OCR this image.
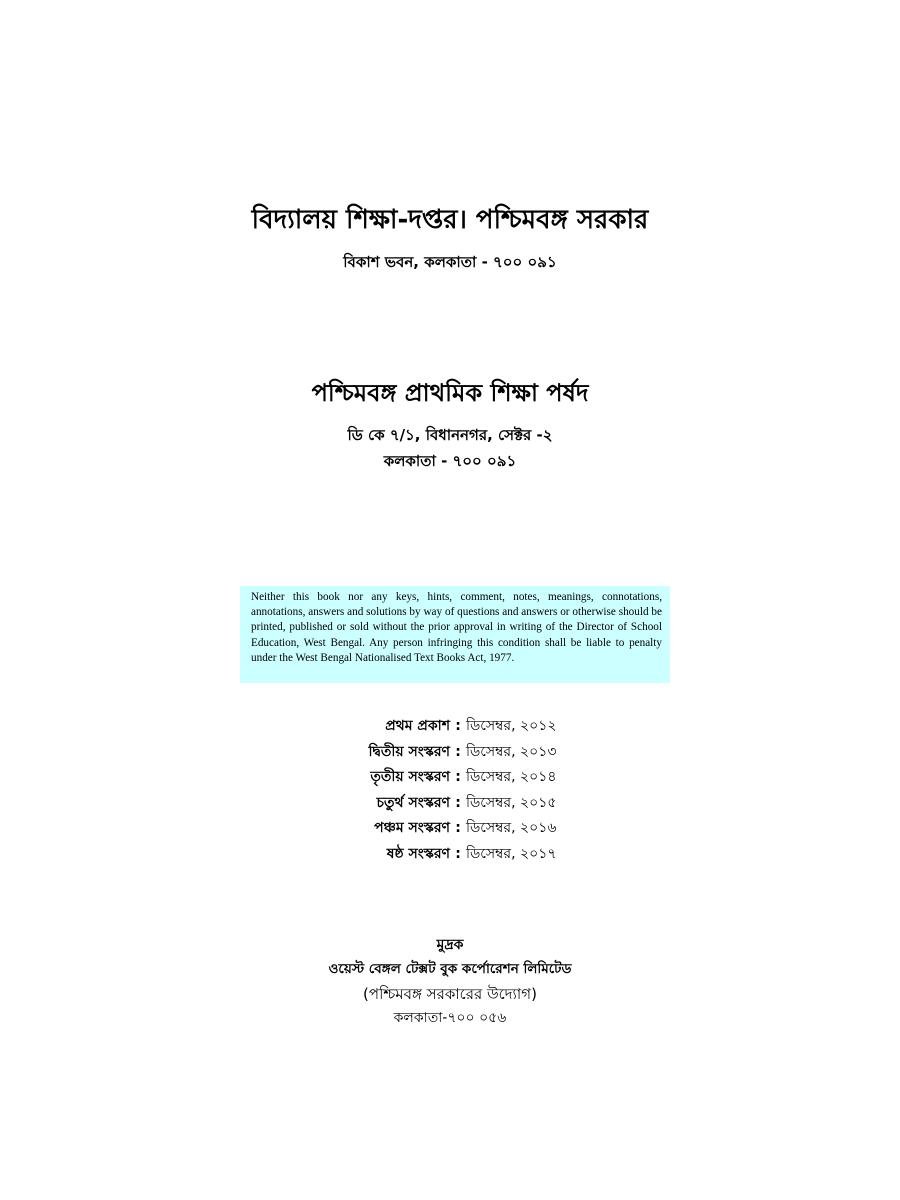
বিদ্যালয় শিক্ষা-দপ্তর। পশ্চিমবঙ্গ সরকার
বিকাশ ভবন, কলকাতা - ৭০০ ০৯১
পশ্চিমবঙ্গ প্রাথমিক শিক্ষা পর্ষদ
ডি কে ৭/১, বিধাননগর, সেক্টর -২
কলকাতা - ৭০০ ০৯১
Neither this book nor any keys, hints, comment, notes, meanings, connotations, annotations, answers and solutions by way of questions and answers or otherwise should be printed, published or sold without the prior approval in writing of the Director of School Education, West Bengal. Any person infringing this condition shall be liable to penalty under the West Bengal Nationalised Text Books Act, 1977.
প্রথম প্রকাশ : ডিসেম্বর, ২০১২
দ্বিতীয় সংস্করণ : ডিসেম্বর, ২০১৩
তৃতীয় সংস্করণ : ডিসেম্বর, ২০১৪
চতুর্থ সংস্করণ : ডিসেম্বর, ২০১৫
পঞ্চম সংস্করণ : ডিসেম্বর, ২০১৬
ষষ্ঠ সংস্করণ : ডিসেম্বর, ২০১৭
মুদ্রক
ওয়েস্ট বেঙ্গল টেক্সট বুক কর্পোরেশন লিমিটেড
(পশ্চিমবঙ্গ সরকারের উদ্যোগ)
কলকাতা-৭০০ ০৫৬
